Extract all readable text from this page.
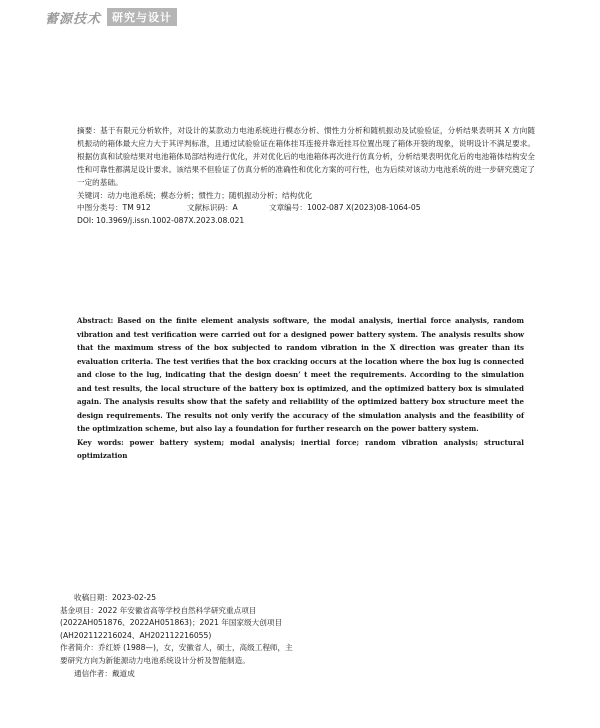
蓄源技术	研究与设计

摘要：基于有限元分析软件，对设计的某款动力电池系统进行模态分析、惯性力分析和随机振动及试验验证，分析结果表明其 X 方向随机振动的箱体最大应力大于其评判标准，且通过试验验证在箱体挂耳连接并靠近挂耳位置出现了箱体开裂的现象，说明设计不满足要求。根据仿真和试验结果对电池箱体局部结构进行优化，并对优化后的电池箱体再次进行仿真分析，分析结果表明优化后的电池箱体结构安全性和可靠性都满足设计要求。该结果不但验证了仿真分析的准确性和优化方案的可行性，也为后续对该动力电池系统的进一步研究奠定了一定的基础。

关键词：动力电池系统；模态分析；惯性力；随机振动分析；结构优化

中图分类号：TM 912	文献标识码：A	文章编号：1002-087 X(2023)08-1064-05

DOI: 10.3969/j.issn.1002-087X.2023.08.021

Abstract: Based on the finite element analysis software, the modal analysis, inertial force analysis, random vibration and test verification were carried out for a designed power battery system. The analysis results show that the maximum stress of the box subjected to random vibration in the X direction was greater than its evaluation criteria. The test verifies that the box cracking occurs at the location where the box lug is connected and close to the lug, indicating that the design doesn’ t meet the requirements. According to the simulation and test results, the local structure of the battery box is optimized, and the optimized battery box is simulated again. The analysis results show that the safety and reliability of the optimized battery box structure meet the design requirements. The results not only verify the accuracy of the simulation analysis and the feasibility of the optimization scheme, but also lay a foundation for further research on the power battery system.

Key words: power battery system; modal analysis; inertial force; random vibration analysis; structural optimization

收稿日期：2023-02-25

基金项目：2022 年安徽省高等学校自然科学研究重点项目 (2022AH051876、2022AH051863)；2021 年国家级大创项目 (AH202112216024、AH202112216055)

作者简介：乔红娇 (1988—)，女，安徽省人，硕士，高级工程师，主要研究方向为新能源动力电池系统设计分析及智能制造。

通信作者：戴道成
